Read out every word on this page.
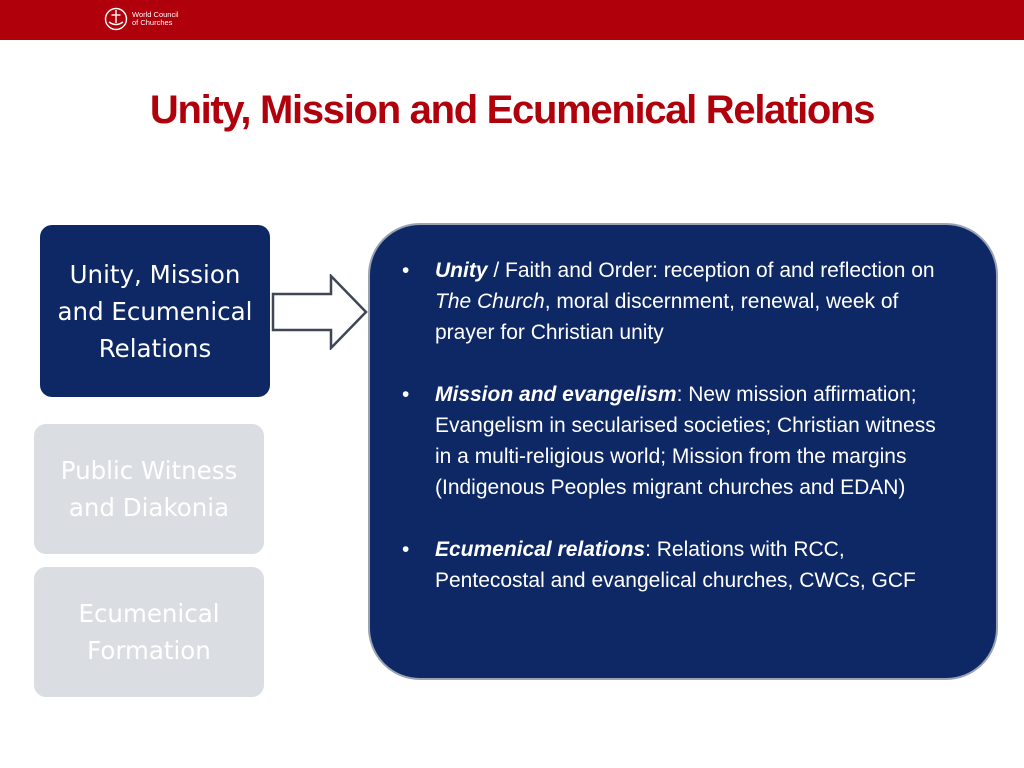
World Council
of Churches
Unity, Mission and Ecumenical Relations
Unity, Mission and Ecumenical Relations
Public Witness and Diakonia
Ecumenical Formation
• Unity / Faith and Order: reception of and reflection on The Church, moral discernment, renewal, week of prayer for Christian unity
• Mission and evangelism: New mission affirmation; Evangelism in secularised societies; Christian witness in a multi-religious world; Mission from the margins (Indigenous Peoples migrant churches and EDAN)
• Ecumenical relations: Relations with RCC, Pentecostal and evangelical churches, CWCs, GCF
